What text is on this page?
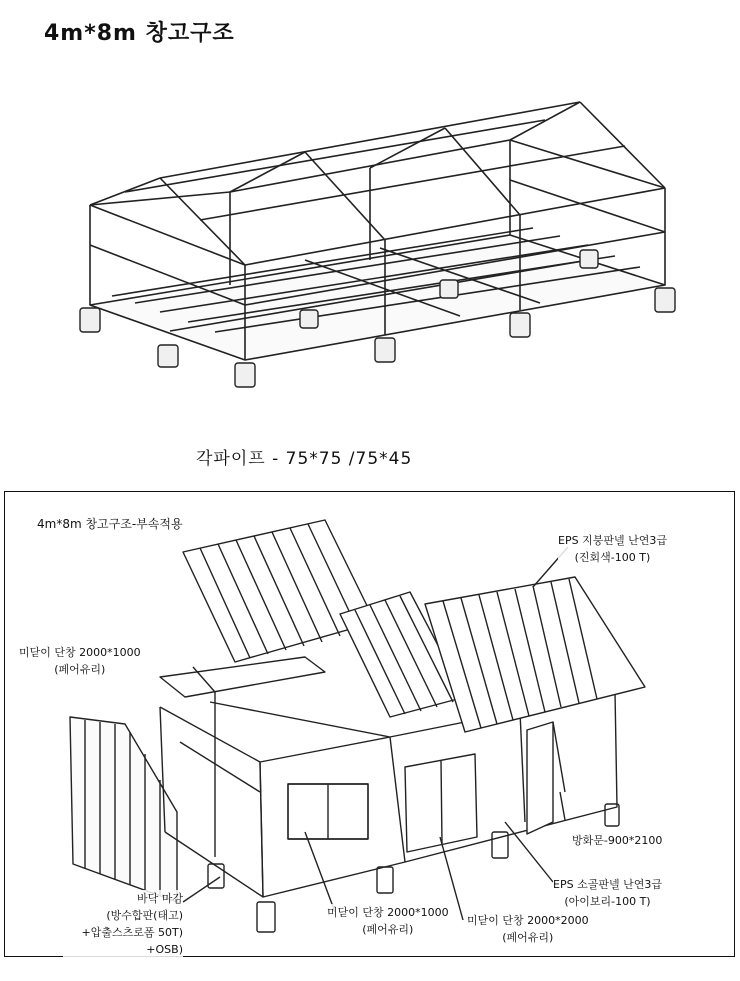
4m*8m 창고구조
각파이프 - 75*75 /75*45
4m*8m 창고구조-부속적용
EPS 지붕판넬 난연3급
(진회색-100 T)
미닫이 단창 2000*1000
(페어유리)
방화문-900*2100
EPS 소골판넬 난연3급
(아이보리-100 T)
바닥 마감
(방수합판(태고)
+압출스츠로폼 50T)
+OSB)
미닫이 단창 2000*1000
(페어유리)
미닫이 단창 2000*2000
(페어유리)
